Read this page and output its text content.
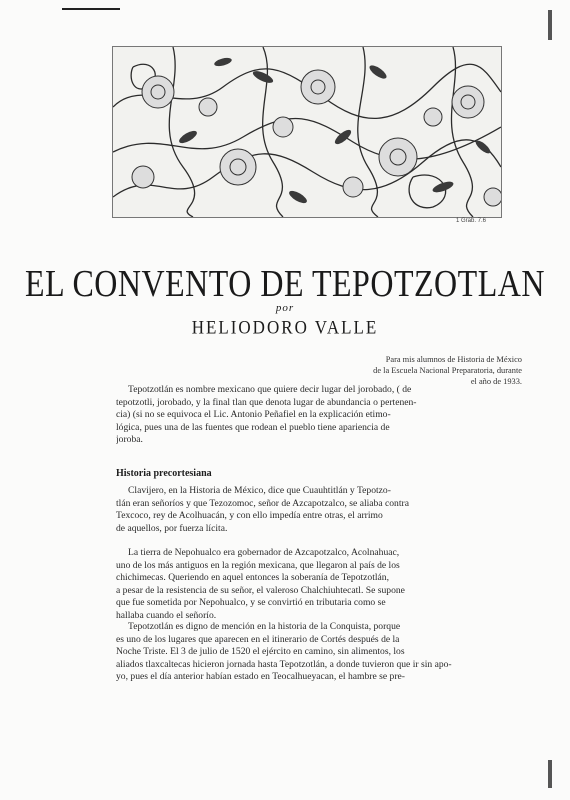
1 Grab. 7.6
EL CONVENTO DE TEPOTZOTLAN
por
HELIODORO VALLE
Para mis alumnos de Historia de México
de la Escuela Nacional Preparatoria, durante
el año de 1933.
Tepotzotlán es nombre mexicano que quiere decir lugar del jorobado, ( de
tepotzotli, jorobado, y la final tlan que denota lugar de abundancia o pertenen-
cia) (si no se equivoca el Lic. Antonio Peñafiel en la explicación etimo-
lógica, pues una de las fuentes que rodean el pueblo tiene apariencia de
joroba.
Historia precortesiana
Clavijero, en la Historia de México, dice que Cuauhtitlán y Tepotzo-
tlán eran señoríos y que Tezozomoc, señor de Azcapotzalco, se aliaba contra
Texcoco, rey de Acolhuacán, y con ello impedía entre otras, el arrimo
de aquellos, por fuerza lícita.
La tierra de Nepohualco era gobernador de Azcapotzalco, Acolnahuac,
uno de los más antiguos en la región mexicana, que llegaron al país de los
chichimecas. Queriendo en aquel entonces la soberanía de Tepotzotlán,
a pesar de la resistencia de su señor, el valeroso Chalchiuhtecatl. Se supone
que fue sometida por Nepohualco, y se convirtió en tributaria como se
hallaba cuando el señorío.
Tepotzotlán es digno de mención en la historia de la Conquista, porque
es uno de los lugares que aparecen en el itinerario de Cortés después de la
Noche Triste. El 3 de julio de 1520 el ejército en camino, sin alimentos, los
aliados tlaxcaltecas hicieron jornada hasta Tepotzotlán, a donde tuvieron que ir sin apo-
yo, pues el día anterior habían estado en Teocalhueyacan, el hambre se pre-
